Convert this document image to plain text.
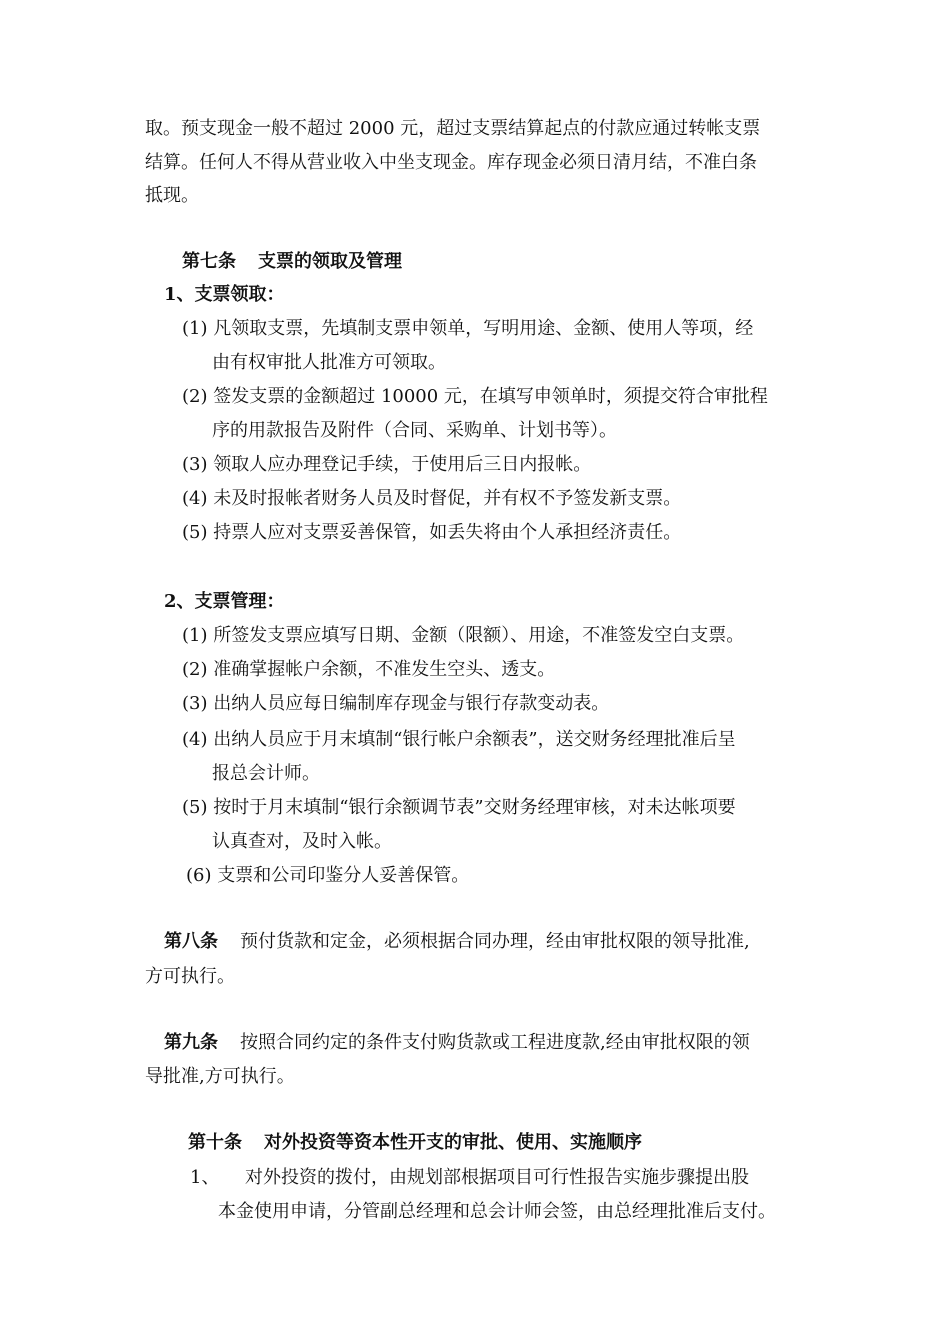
取。预支现金一般不超过 2000 元，超过支票结算起点的付款应通过转帐支票
结算。任何人不得从营业收入中坐支现金。库存现金必须日清月结，不准白条
抵现。
第七条 支票的领取及管理
1、支票领取：
(1) 凡领取支票，先填制支票申领单，写明用途、金额、使用人等项，经
由有权审批人批准方可领取。
(2) 签发支票的金额超过 10000 元，在填写申领单时，须提交符合审批程
序的用款报告及附件（合同、采购单、计划书等）。
(3) 领取人应办理登记手续，于使用后三日内报帐。
(4) 未及时报帐者财务人员及时督促，并有权不予签发新支票。
(5) 持票人应对支票妥善保管，如丢失将由个人承担经济责任。
2、支票管理：
(1) 所签发支票应填写日期、金额（限额）、用途，不准签发空白支票。
(2) 准确掌握帐户余额，不准发生空头、透支。
(3) 出纳人员应每日编制库存现金与银行存款变动表。
(4) 出纳人员应于月末填制“银行帐户余额表”，送交财务经理批准后呈
报总会计师。
(5) 按时于月末填制“银行余额调节表”交财务经理审核，对未达帐项要
认真查对，及时入帐。
(6) 支票和公司印鉴分人妥善保管。
第八条 预付货款和定金，必须根据合同办理，经由审批权限的领导批准,
方可执行。
第九条 按照合同约定的条件支付购货款或工程进度款,经由审批权限的领
导批准,方可执行。
第十条 对外投资等资本性开支的审批、使用、实施顺序
1、 对外投资的拨付，由规划部根据项目可行性报告实施步骤提出股
本金使用申请，分管副总经理和总会计师会签，由总经理批准后支付。
